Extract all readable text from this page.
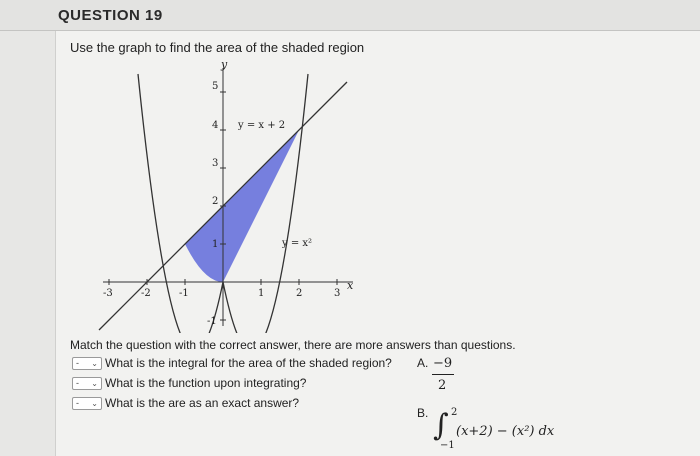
QUESTION 19
Use the graph to find the area of the shaded region
-3	-2	-1	1	2	3
5
4
3
2
1
-1
y
x
y = x + 2
y = x²
Match the question with the correct answer, there are more answers than questions.
- ⌄ What is the integral for the area of the shaded region?
- ⌄ What is the function upon integrating?
- ⌄ What is the are as an exact answer?
A. −9
2
B. ∫ 2
−1
(x+2) − (x²) dx
